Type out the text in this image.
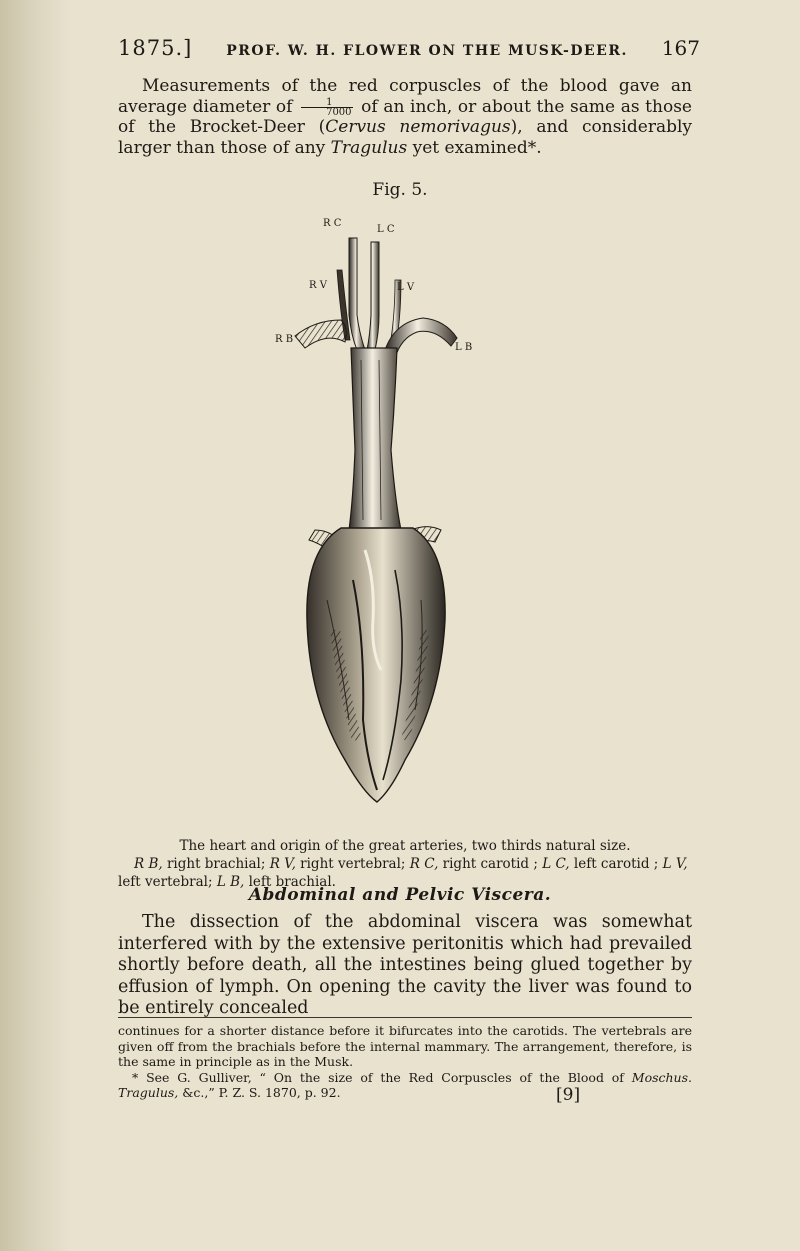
1875.] PROF. W. H. FLOWER ON THE MUSK-DEER. 167

Measurements of the red corpuscles of the blood gave an average diameter of $\frac{1}{7000}$ of an inch, or about the same as those of the Brocket-Deer (Cervus nemorivagus), and considerably larger than those of any Tragulus yet examined*.

Fig. 5.
R C
L C
R V	L V
R B
L B

The heart and origin of the great arteries, two thirds natural size.
R B, right brachial; R V, right vertebral; R C, right carotid ; L C, left carotid ; L V, left vertebral; L B, left brachial.

Abdominal and Pelvic Viscera.

The dissection of the abdominal viscera was somewhat interfered with by the extensive peritonitis which had prevailed shortly before death, all the intestines being glued together by effusion of lymph. On opening the cavity the liver was found to be entirely concealed

continues for a shorter distance before it bifurcates into the carotids. The vertebrals are given off from the brachials before the internal mammary. The arrangement, therefore, is the same in principle as in the Musk.
* See G. Gulliver, “ On the size of the Red Corpuscles of the Blood of Moschus. Tragulus, &c.,” P. Z. S. 1870, p. 92.	[9]
